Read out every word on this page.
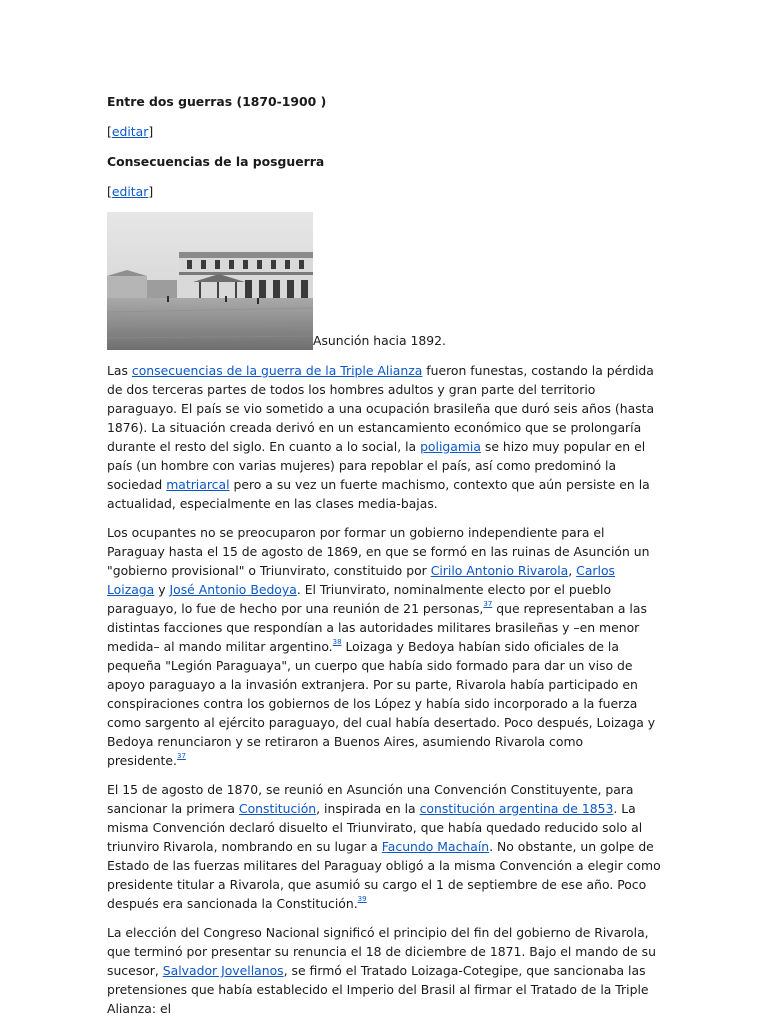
Entre dos guerras (1870-1900 )
[editar]
Consecuencias de la posguerra
[editar]
Asunción hacia 1892.

Las consecuencias de la guerra de la Triple Alianza fueron funestas, costando la pérdida de dos terceras partes de todos los hombres adultos y gran parte del territorio paraguayo. El país se vio sometido a una ocupación brasileña que duró seis años (hasta 1876). La situación creada derivó en un estancamiento económico que se prolongaría durante el resto del siglo. En cuanto a lo social, la poligamia se hizo muy popular en el país (un hombre con varias mujeres) para repoblar el país, así como predominó la sociedad matriarcal pero a su vez un fuerte machismo, contexto que aún persiste en la actualidad, especialmente en las clases media-bajas.

Los ocupantes no se preocuparon por formar un gobierno independiente para el Paraguay hasta el 15 de agosto de 1869, en que se formó en las ruinas de Asunción un "gobierno provisional" o Triunvirato, constituido por Cirilo Antonio Rivarola, Carlos Loizaga y José Antonio Bedoya. El Triunvirato, nominalmente electo por el pueblo paraguayo, lo fue de hecho por una reunión de 21 personas,$^{37}$ que representaban a las distintas facciones que respondían a las autoridades militares brasileñas y –en menor medida– al mando militar argentino.$^{38}$ Loizaga y Bedoya habían sido oficiales de la pequeña "Legión Paraguaya", un cuerpo que había sido formado para dar un viso de apoyo paraguayo a la invasión extranjera. Por su parte, Rivarola había participado en conspiraciones contra los gobiernos de los López y había sido incorporado a la fuerza como sargento al ejército paraguayo, del cual había desertado. Poco después, Loizaga y Bedoya renunciaron y se retiraron a Buenos Aires, asumiendo Rivarola como presidente.$^{37}$

El 15 de agosto de 1870, se reunió en Asunción una Convención Constituyente, para sancionar la primera Constitución, inspirada en la constitución argentina de 1853. La misma Convención declaró disuelto el Triunvirato, que había quedado reducido solo al triunviro Rivarola, nombrando en su lugar a Facundo Machaín. No obstante, un golpe de Estado de las fuerzas militares del Paraguay obligó a la misma Convención a elegir como presidente titular a Rivarola, que asumió su cargo el 1 de septiembre de ese año. Poco después era sancionada la Constitución.$^{39}$

La elección del Congreso Nacional significó el principio del fin del gobierno de Rivarola, que terminó por presentar su renuncia el 18 de diciembre de 1871. Bajo el mando de su sucesor, Salvador Jovellanos, se firmó el Tratado Loizaga-Cotegipe, que sancionaba las pretensiones que había establecido el Imperio del Brasil al firmar el Tratado de la Triple Alianza: el
